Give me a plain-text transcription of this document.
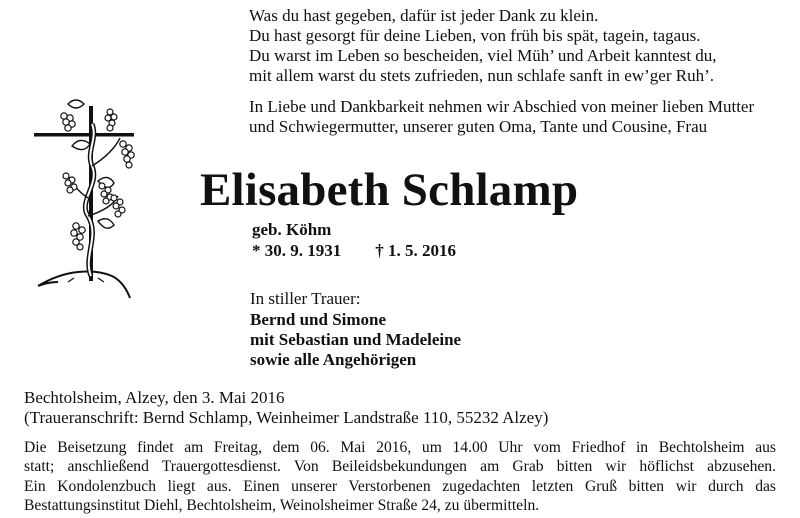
Was du hast gegeben, dafür ist jeder Dank zu klein.
Du hast gesorgt für deine Lieben, von früh bis spät, tagein, tagaus.
Du warst im Leben so bescheiden, viel Müh’ und Arbeit kanntest du,
mit allem warst du stets zufrieden, nun schlafe sanft in ew’ger Ruh’.
In Liebe und Dankbarkeit nehmen wir Abschied von meiner lieben Mutter
und Schwiegermutter, unserer guten Oma, Tante und Cousine, Frau
Elisabeth Schlamp
geb. Köhm
* 30. 9. 1931 † 1. 5. 2016
In stiller Trauer:
Bernd und Simone
mit Sebastian und Madeleine
sowie alle Angehörigen
Bechtolsheim, Alzey, den 3. Mai 2016
(Traueranschrift: Bernd Schlamp, Weinheimer Landstraße 110, 55232 Alzey)
Die Beisetzung findet am Freitag, dem 06. Mai 2016, um 14.00 Uhr vom Friedhof in Bechtolsheim aus
statt; anschließend Trauergottesdienst. Von Beileidsbekundungen am Grab bitten wir höflichst abzusehen.
Ein Kondolenzbuch liegt aus. Einen unserer Verstorbenen zugedachten letzten Gruß bitten wir durch das
Bestattungsinstitut Diehl, Bechtolsheim, Weinolsheimer Straße 24, zu übermitteln.
